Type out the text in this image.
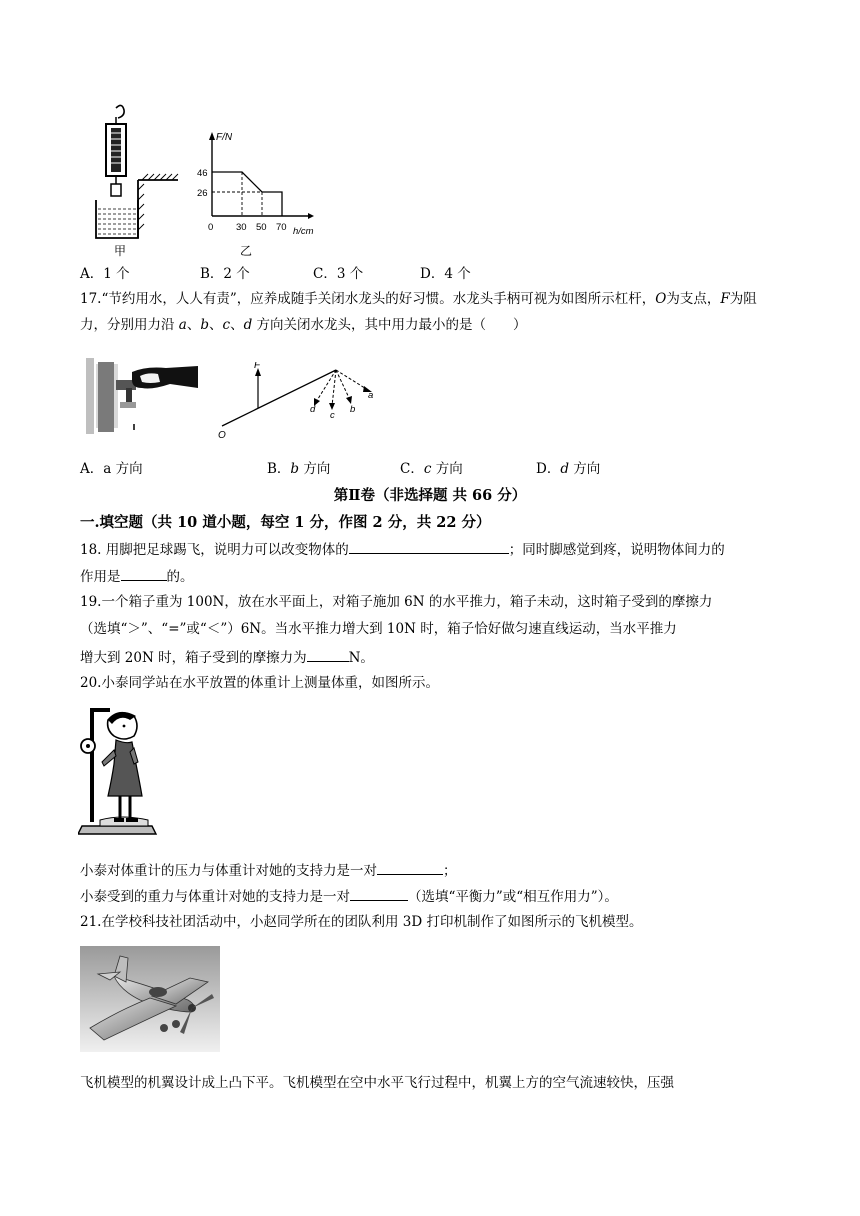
甲
F/N
46
26
0 30 50 70 h/cm
乙
A．1 个	B．2 个	C．3 个	D．4 个
17.“节约用水，人人有责”，应养成随手关闭水龙头的好习惯。水龙头手柄可视为如图所示杠杆，O为支点，F为阻
力，分别用力沿 a、b、c、d 方向关闭水龙头，其中用力最小的是（　　）
F
O
a
b
c
d
A．a 方向	B．b 方向	C．c 方向	D．d 方向
第Ⅱ卷（非选择题 共 66 分）
一.填空题（共 10 道小题，每空 1 分，作图 2 分，共 22 分）
18. 用脚把足球踢飞，说明力可以改变物体的	；同时脚感觉到疼，说明物体间力的
作用是	的。
19.一个箱子重为 100N，放在水平面上，对箱子施加 6N 的水平推力，箱子未动，这时箱子受到的摩擦力
（选填“＞”、“=”或“＜”）6N。当水平推力增大到 10N 时，箱子恰好做匀速直线运动，当水平推力
增大到 20N 时，箱子受到的摩擦力为	N。
20.小泰同学站在水平放置的体重计上测量体重，如图所示。
小泰对体重计的压力与体重计对她的支持力是一对	；
小泰受到的重力与体重计对她的支持力是一对	（选填“平衡力”或“相互作用力”）。
21.在学校科技社团活动中，小赵同学所在的团队利用 3D 打印机制作了如图所示的飞机模型。
飞机模型的机翼设计成上凸下平。飞机模型在空中水平飞行过程中，机翼上方的空气流速较快，压强
